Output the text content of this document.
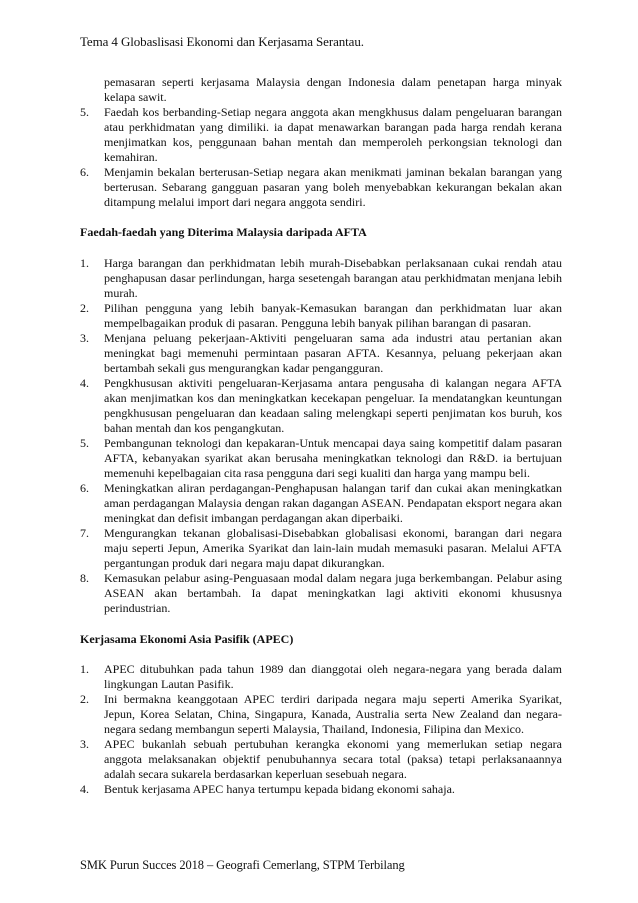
Tema 4 Globaslisasi Ekonomi dan Kerjasama Serantau.

pemasaran seperti kerjasama Malaysia dengan Indonesia dalam penetapan harga minyak kelapa sawit.

5. Faedah kos berbanding-Setiap negara anggota akan mengkhusus dalam pengeluaran barangan atau perkhidmatan yang dimiliki. ia dapat menawarkan barangan pada harga rendah kerana menjimatkan kos, penggunaan bahan mentah dan memperoleh perkongsian teknologi dan kemahiran.
6. Menjamin bekalan berterusan-Setiap negara akan menikmati jaminan bekalan barangan yang berterusan. Sebarang gangguan pasaran yang boleh menyebabkan kekurangan bekalan akan ditampung melalui import dari negara anggota sendiri.
Faedah-faedah yang Diterima Malaysia daripada AFTA
1. Harga barangan dan perkhidmatan lebih murah-Disebabkan perlaksanaan cukai rendah atau penghapusan dasar perlindungan, harga sesetengah barangan atau perkhidmatan menjana lebih murah.
2. Pilihan pengguna yang lebih banyak-Kemasukan barangan dan perkhidmatan luar akan mempelbagaikan produk di pasaran. Pengguna lebih banyak pilihan barangan di pasaran.
3. Menjana peluang pekerjaan-Aktiviti pengeluaran sama ada industri atau pertanian akan meningkat bagi memenuhi permintaan pasaran AFTA. Kesannya, peluang pekerjaan akan bertambah sekali gus mengurangkan kadar pengangguran.
4. Pengkhususan aktiviti pengeluaran-Kerjasama antara pengusaha di kalangan negara AFTA akan menjimatkan kos dan meningkatkan kecekapan pengeluar. Ia mendatangkan keuntungan pengkhususan pengeluaran dan keadaan saling melengkapi seperti penjimatan kos buruh, kos bahan mentah dan kos pengangkutan.
5. Pembangunan teknologi dan kepakaran-Untuk mencapai daya saing kompetitif dalam pasaran AFTA, kebanyakan syarikat akan berusaha meningkatkan teknologi dan R&D. ia bertujuan memenuhi kepelbagaian cita rasa pengguna dari segi kualiti dan harga yang mampu beli.
6. Meningkatkan aliran perdagangan-Penghapusan halangan tarif dan cukai akan meningkatkan aman perdagangan Malaysia dengan rakan dagangan ASEAN. Pendapatan eksport negara akan meningkat dan defisit imbangan perdagangan akan diperbaiki.
7. Mengurangkan tekanan globalisasi-Disebabkan globalisasi ekonomi, barangan dari negara maju seperti Jepun, Amerika Syarikat dan lain-lain mudah memasuki pasaran. Melalui AFTA pergantungan produk dari negara maju dapat dikurangkan.
8. Kemasukan pelabur asing-Penguasaan modal dalam negara juga berkembangan. Pelabur asing ASEAN akan bertambah. Ia dapat meningkatkan lagi aktiviti ekonomi khususnya perindustrian.
Kerjasama Ekonomi Asia Pasifik (APEC)
1. APEC ditubuhkan pada tahun 1989 dan dianggotai oleh negara-negara yang berada dalam lingkungan Lautan Pasifik.
2. Ini bermakna keanggotaan APEC terdiri daripada negara maju seperti Amerika Syarikat, Jepun, Korea Selatan, China, Singapura, Kanada, Australia serta New Zealand dan negara-negara sedang membangun seperti Malaysia, Thailand, Indonesia, Filipina dan Mexico.
3. APEC bukanlah sebuah pertubuhan kerangka ekonomi yang memerlukan setiap negara anggota melaksanakan objektif penubuhannya secara total (paksa) tetapi perlaksanaannya adalah secara sukarela berdasarkan keperluan sesebuah negara.
4. Bentuk kerjasama APEC hanya tertumpu kepada bidang ekonomi sahaja.
SMK Purun Succes 2018 – Geografi Cemerlang, STPM Terbilang
